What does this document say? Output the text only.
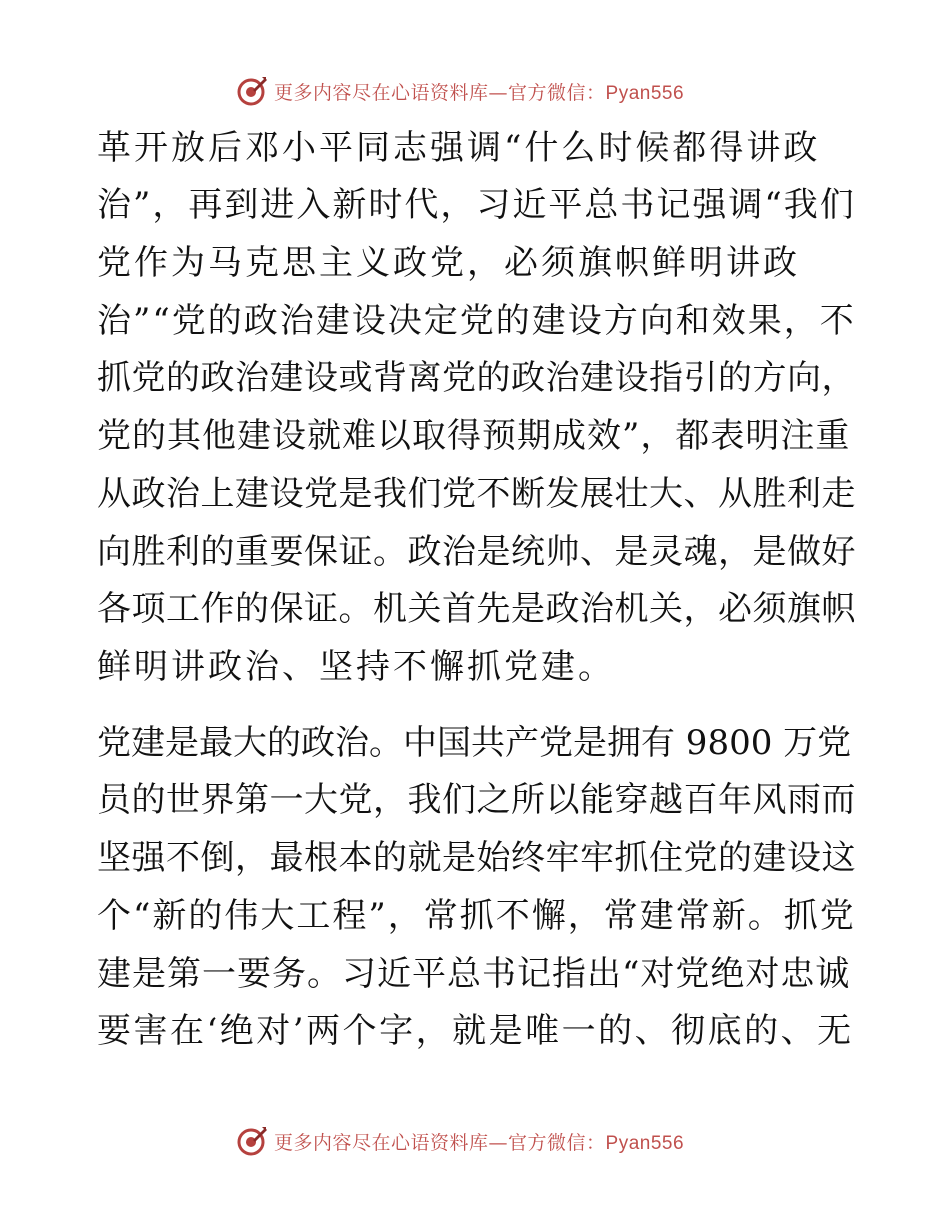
更多内容尽在心语资料库—官方微信：Pyan556
革开放后邓小平同志强调“什么时候都得讲政
治”，再到进入新时代，习近平总书记强调“我们
党作为马克思主义政党，必须旗帜鲜明讲政
治”“党的政治建设决定党的建设方向和效果，不
抓党的政治建设或背离党的政治建设指引的方向，
党的其他建设就难以取得预期成效”，都表明注重
从政治上建设党是我们党不断发展壮大、从胜利走
向胜利的重要保证。政治是统帅、是灵魂，是做好
各项工作的保证。机关首先是政治机关，必须旗帜
鲜明讲政治、坚持不懈抓党建。
党建是最大的政治。中国共产党是拥有 9800 万党
员的世界第一大党，我们之所以能穿越百年风雨而
坚强不倒，最根本的就是始终牢牢抓住党的建设这
个“新的伟大工程”，常抓不懈，常建常新。抓党
建是第一要务。习近平总书记指出“对党绝对忠诚
要害在‘绝对’两个字，就是唯一的、彻底的、无
更多内容尽在心语资料库—官方微信：Pyan556
